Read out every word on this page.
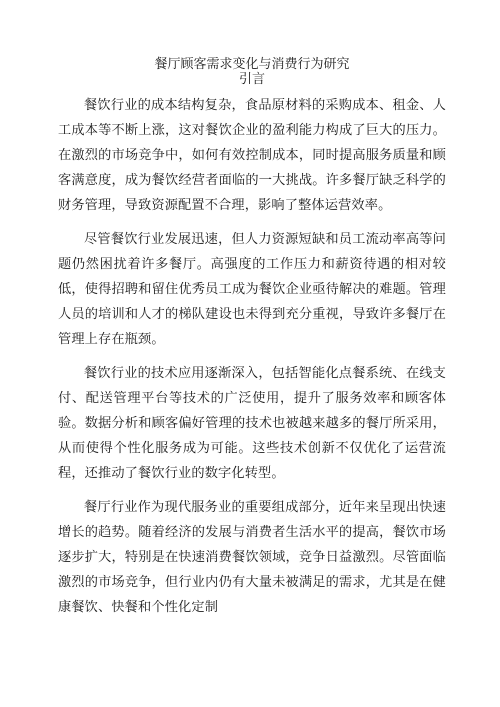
餐厅顾客需求变化与消费行为研究
引言

餐饮行业的成本结构复杂，食品原材料的采购成本、租金、人工成本等不断上涨，这对餐饮企业的盈利能力构成了巨大的压力。在激烈的市场竞争中，如何有效控制成本，同时提高服务质量和顾客满意度，成为餐饮经营者面临的一大挑战。许多餐厅缺乏科学的财务管理，导致资源配置不合理，影响了整体运营效率。

尽管餐饮行业发展迅速，但人力资源短缺和员工流动率高等问题仍然困扰着许多餐厅。高强度的工作压力和薪资待遇的相对较低，使得招聘和留住优秀员工成为餐饮企业亟待解决的难题。管理人员的培训和人才的梯队建设也未得到充分重视，导致许多餐厅在管理上存在瓶颈。

餐饮行业的技术应用逐渐深入，包括智能化点餐系统、在线支付、配送管理平台等技术的广泛使用，提升了服务效率和顾客体验。数据分析和顾客偏好管理的技术也被越来越多的餐厅所采用，从而使得个性化服务成为可能。这些技术创新不仅优化了运营流程，还推动了餐饮行业的数字化转型。

餐厅行业作为现代服务业的重要组成部分，近年来呈现出快速增长的趋势。随着经济的发展与消费者生活水平的提高，餐饮市场逐步扩大，特别是在快速消费餐饮领域，竞争日益激烈。尽管面临激烈的市场竞争，但行业内仍有大量未被满足的需求，尤其是在健康餐饮、快餐和个性化定制
